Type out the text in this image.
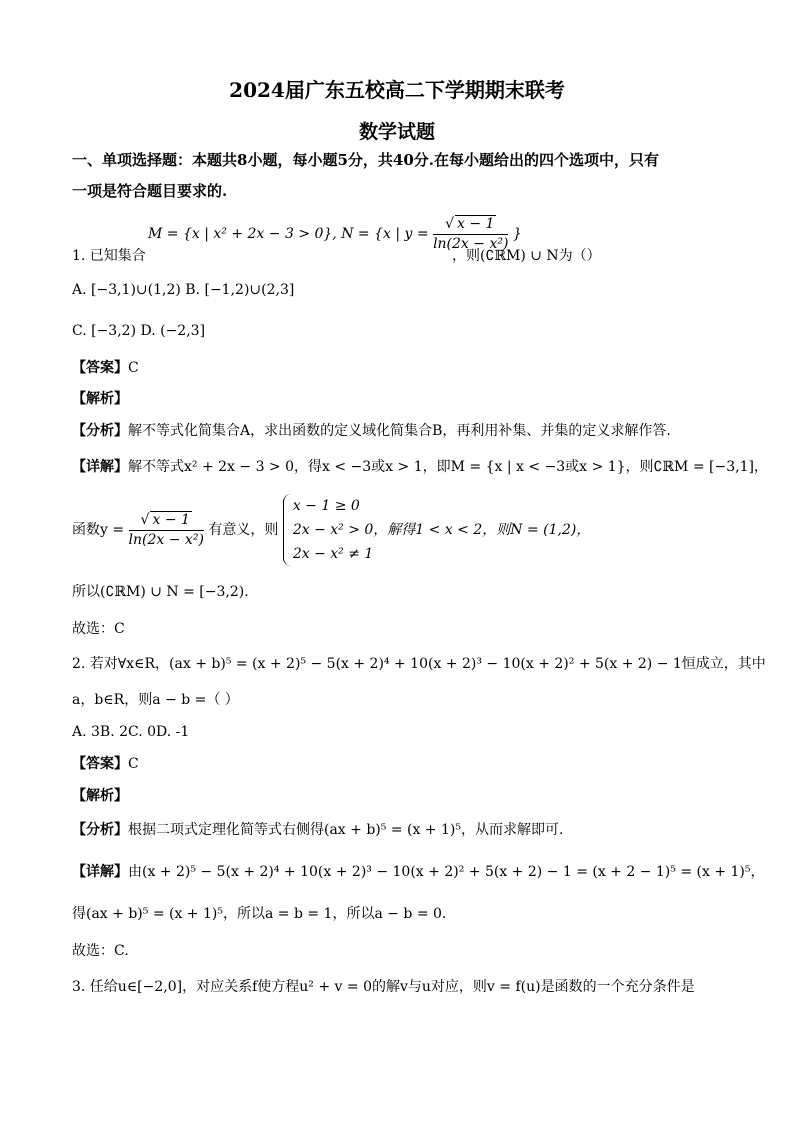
2024届广东五校高二下学期期末联考
数学试题
一、单项选择题：本题共8小题，每小题5分，共40分.在每小题给出的四个选项中，只有
一项是符合题目要求的.
M = {x | x² + 2x − 3 > 0}, N = {x | $y = \frac{√ x - 1}{\text{ln(2x − x²)}}$ }
1. 已知集合	，则(∁ℝM) ∪ N为（）
A. [−3,1)∪(1,2) B. [−1,2)∪(2,3]
C. [−3,2) D. (−2,3]
【答案】C
【解析】
【分析】解不等式化简集合A，求出函数的定义域化简集合B，再利用补集、并集的定义求解作答.
【详解】解不等式x² + 2x − 3 > 0，得x < −3或x > 1，即M = {x | x < −3或x > 1}，则∁ℝM = [−3,1]，
函数$y = \frac{√ x - 1}{\text{ln(2x − x²)}}$ 有意义，则
x − 1 ≥ 0
2x − x² > 0，解得1 < x < 2，则N = (1,2)，
2x − x² ≠ 1
所以(∁ℝM) ∪ N = [−3,2).
故选：C
2. 若对∀x∈R，(ax + b)⁵ = (x + 2)⁵ − 5(x + 2)⁴ + 10(x + 2)³ − 10(x + 2)² + 5(x + 2) − 1恒成立，其中
a，b∈R，则a − b =（ ）
A. 3B. 2C. 0D. -1
【答案】C
【解析】
【分析】根据二项式定理化简等式右侧得(ax + b)⁵ = (x + 1)⁵，从而求解即可.
【详解】由(x + 2)⁵ − 5(x + 2)⁴ + 10(x + 2)³ − 10(x + 2)² + 5(x + 2) − 1 = (x + 2 − 1)⁵ = (x + 1)⁵，
得(ax + b)⁵ = (x + 1)⁵，所以a = b = 1，所以a − b = 0.
故选：C.
3. 任给u∈[−2,0]，对应关系f使方程u² + v = 0的解v与u对应，则v = f(u)是函数的一个充分条件是
